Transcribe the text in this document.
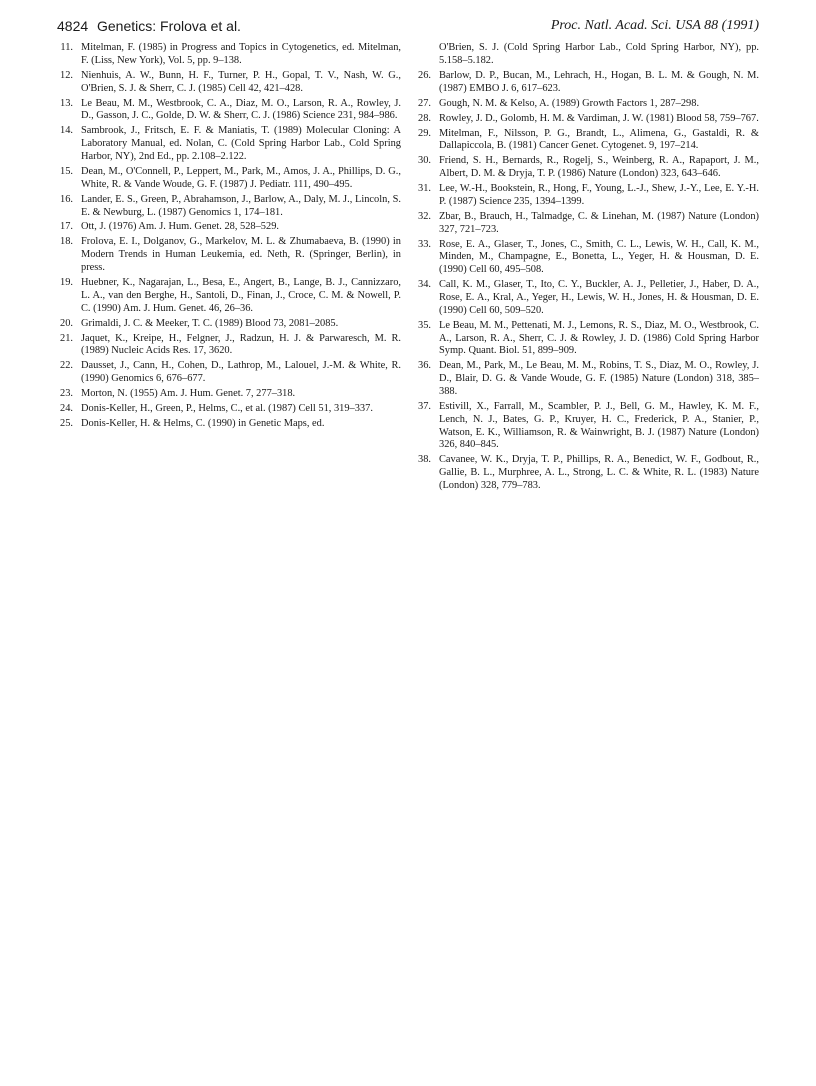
4824 Genetics: Frolova et al.	Proc. Natl. Acad. Sci. USA 88 (1991)
11. Mitelman, F. (1985) in Progress and Topics in Cytogenetics, ed. Mitelman, F. (Liss, New York), Vol. 5, pp. 9–138.
12. Nienhuis, A. W., Bunn, H. F., Turner, P. H., Gopal, T. V., Nash, W. G., O'Brien, S. J. & Sherr, C. J. (1985) Cell 42, 421–428.
13. Le Beau, M. M., Westbrook, C. A., Diaz, M. O., Larson, R. A., Rowley, J. D., Gasson, J. C., Golde, D. W. & Sherr, C. J. (1986) Science 231, 984–986.
14. Sambrook, J., Fritsch, E. F. & Maniatis, T. (1989) Molecular Cloning: A Laboratory Manual, ed. Nolan, C. (Cold Spring Harbor Lab., Cold Spring Harbor, NY), 2nd Ed., pp. 2.108–2.122.
15. Dean, M., O'Connell, P., Leppert, M., Park, M., Amos, J. A., Phillips, D. G., White, R. & Vande Woude, G. F. (1987) J. Pediatr. 111, 490–495.
16. Lander, E. S., Green, P., Abrahamson, J., Barlow, A., Daly, M. J., Lincoln, S. E. & Newburg, L. (1987) Genomics 1, 174–181.
17. Ott, J. (1976) Am. J. Hum. Genet. 28, 528–529.
18. Frolova, E. I., Dolganov, G., Markelov, M. L. & Zhumabaeva, B. (1990) in Modern Trends in Human Leukemia, ed. Neth, R. (Springer, Berlin), in press.
19. Huebner, K., Nagarajan, L., Besa, E., Angert, B., Lange, B. J., Cannizzaro, L. A., van den Berghe, H., Santoli, D., Finan, J., Croce, C. M. & Nowell, P. C. (1990) Am. J. Hum. Genet. 46, 26–36.
20. Grimaldi, J. C. & Meeker, T. C. (1989) Blood 73, 2081–2085.
21. Jaquet, K., Kreipe, H., Felgner, J., Radzun, H. J. & Parwaresch, M. R. (1989) Nucleic Acids Res. 17, 3620.
22. Dausset, J., Cann, H., Cohen, D., Lathrop, M., Lalouel, J.-M. & White, R. (1990) Genomics 6, 676–677.
23. Morton, N. (1955) Am. J. Hum. Genet. 7, 277–318.
24. Donis-Keller, H., Green, P., Helms, C., et al. (1987) Cell 51, 319–337.
25. Donis-Keller, H. & Helms, C. (1990) in Genetic Maps, ed.
O'Brien, S. J. (Cold Spring Harbor Lab., Cold Spring Harbor, NY), pp. 5.158–5.182.
26. Barlow, D. P., Bucan, M., Lehrach, H., Hogan, B. L. M. & Gough, N. M. (1987) EMBO J. 6, 617–623.
27. Gough, N. M. & Kelso, A. (1989) Growth Factors 1, 287–298.
28. Rowley, J. D., Golomb, H. M. & Vardiman, J. W. (1981) Blood 58, 759–767.
29. Mitelman, F., Nilsson, P. G., Brandt, L., Alimena, G., Gastaldi, R. & Dallapiccola, B. (1981) Cancer Genet. Cytogenet. 9, 197–214.
30. Friend, S. H., Bernards, R., Rogelj, S., Weinberg, R. A., Rapaport, J. M., Albert, D. M. & Dryja, T. P. (1986) Nature (London) 323, 643–646.
31. Lee, W.-H., Bookstein, R., Hong, F., Young, L.-J., Shew, J.-Y., Lee, E. Y.-H. P. (1987) Science 235, 1394–1399.
32. Zbar, B., Brauch, H., Talmadge, C. & Linehan, M. (1987) Nature (London) 327, 721–723.
33. Rose, E. A., Glaser, T., Jones, C., Smith, C. L., Lewis, W. H., Call, K. M., Minden, M., Champagne, E., Bonetta, L., Yeger, H. & Housman, D. E. (1990) Cell 60, 495–508.
34. Call, K. M., Glaser, T., Ito, C. Y., Buckler, A. J., Pelletier, J., Haber, D. A., Rose, E. A., Kral, A., Yeger, H., Lewis, W. H., Jones, H. & Housman, D. E. (1990) Cell 60, 509–520.
35. Le Beau, M. M., Pettenati, M. J., Lemons, R. S., Diaz, M. O., Westbrook, C. A., Larson, R. A., Sherr, C. J. & Rowley, J. D. (1986) Cold Spring Harbor Symp. Quant. Biol. 51, 899–909.
36. Dean, M., Park, M., Le Beau, M. M., Robins, T. S., Diaz, M. O., Rowley, J. D., Blair, D. G. & Vande Woude, G. F. (1985) Nature (London) 318, 385–388.
37. Estivill, X., Farrall, M., Scambler, P. J., Bell, G. M., Hawley, K. M. F., Lench, N. J., Bates, G. P., Kruyer, H. C., Frederick, P. A., Stanier, P., Watson, E. K., Williamson, R. & Wainwright, B. J. (1987) Nature (London) 326, 840–845.
38. Cavanee, W. K., Dryja, T. P., Phillips, R. A., Benedict, W. F., Godbout, R., Gallie, B. L., Murphree, A. L., Strong, L. C. & White, R. L. (1983) Nature (London) 328, 779–783.
